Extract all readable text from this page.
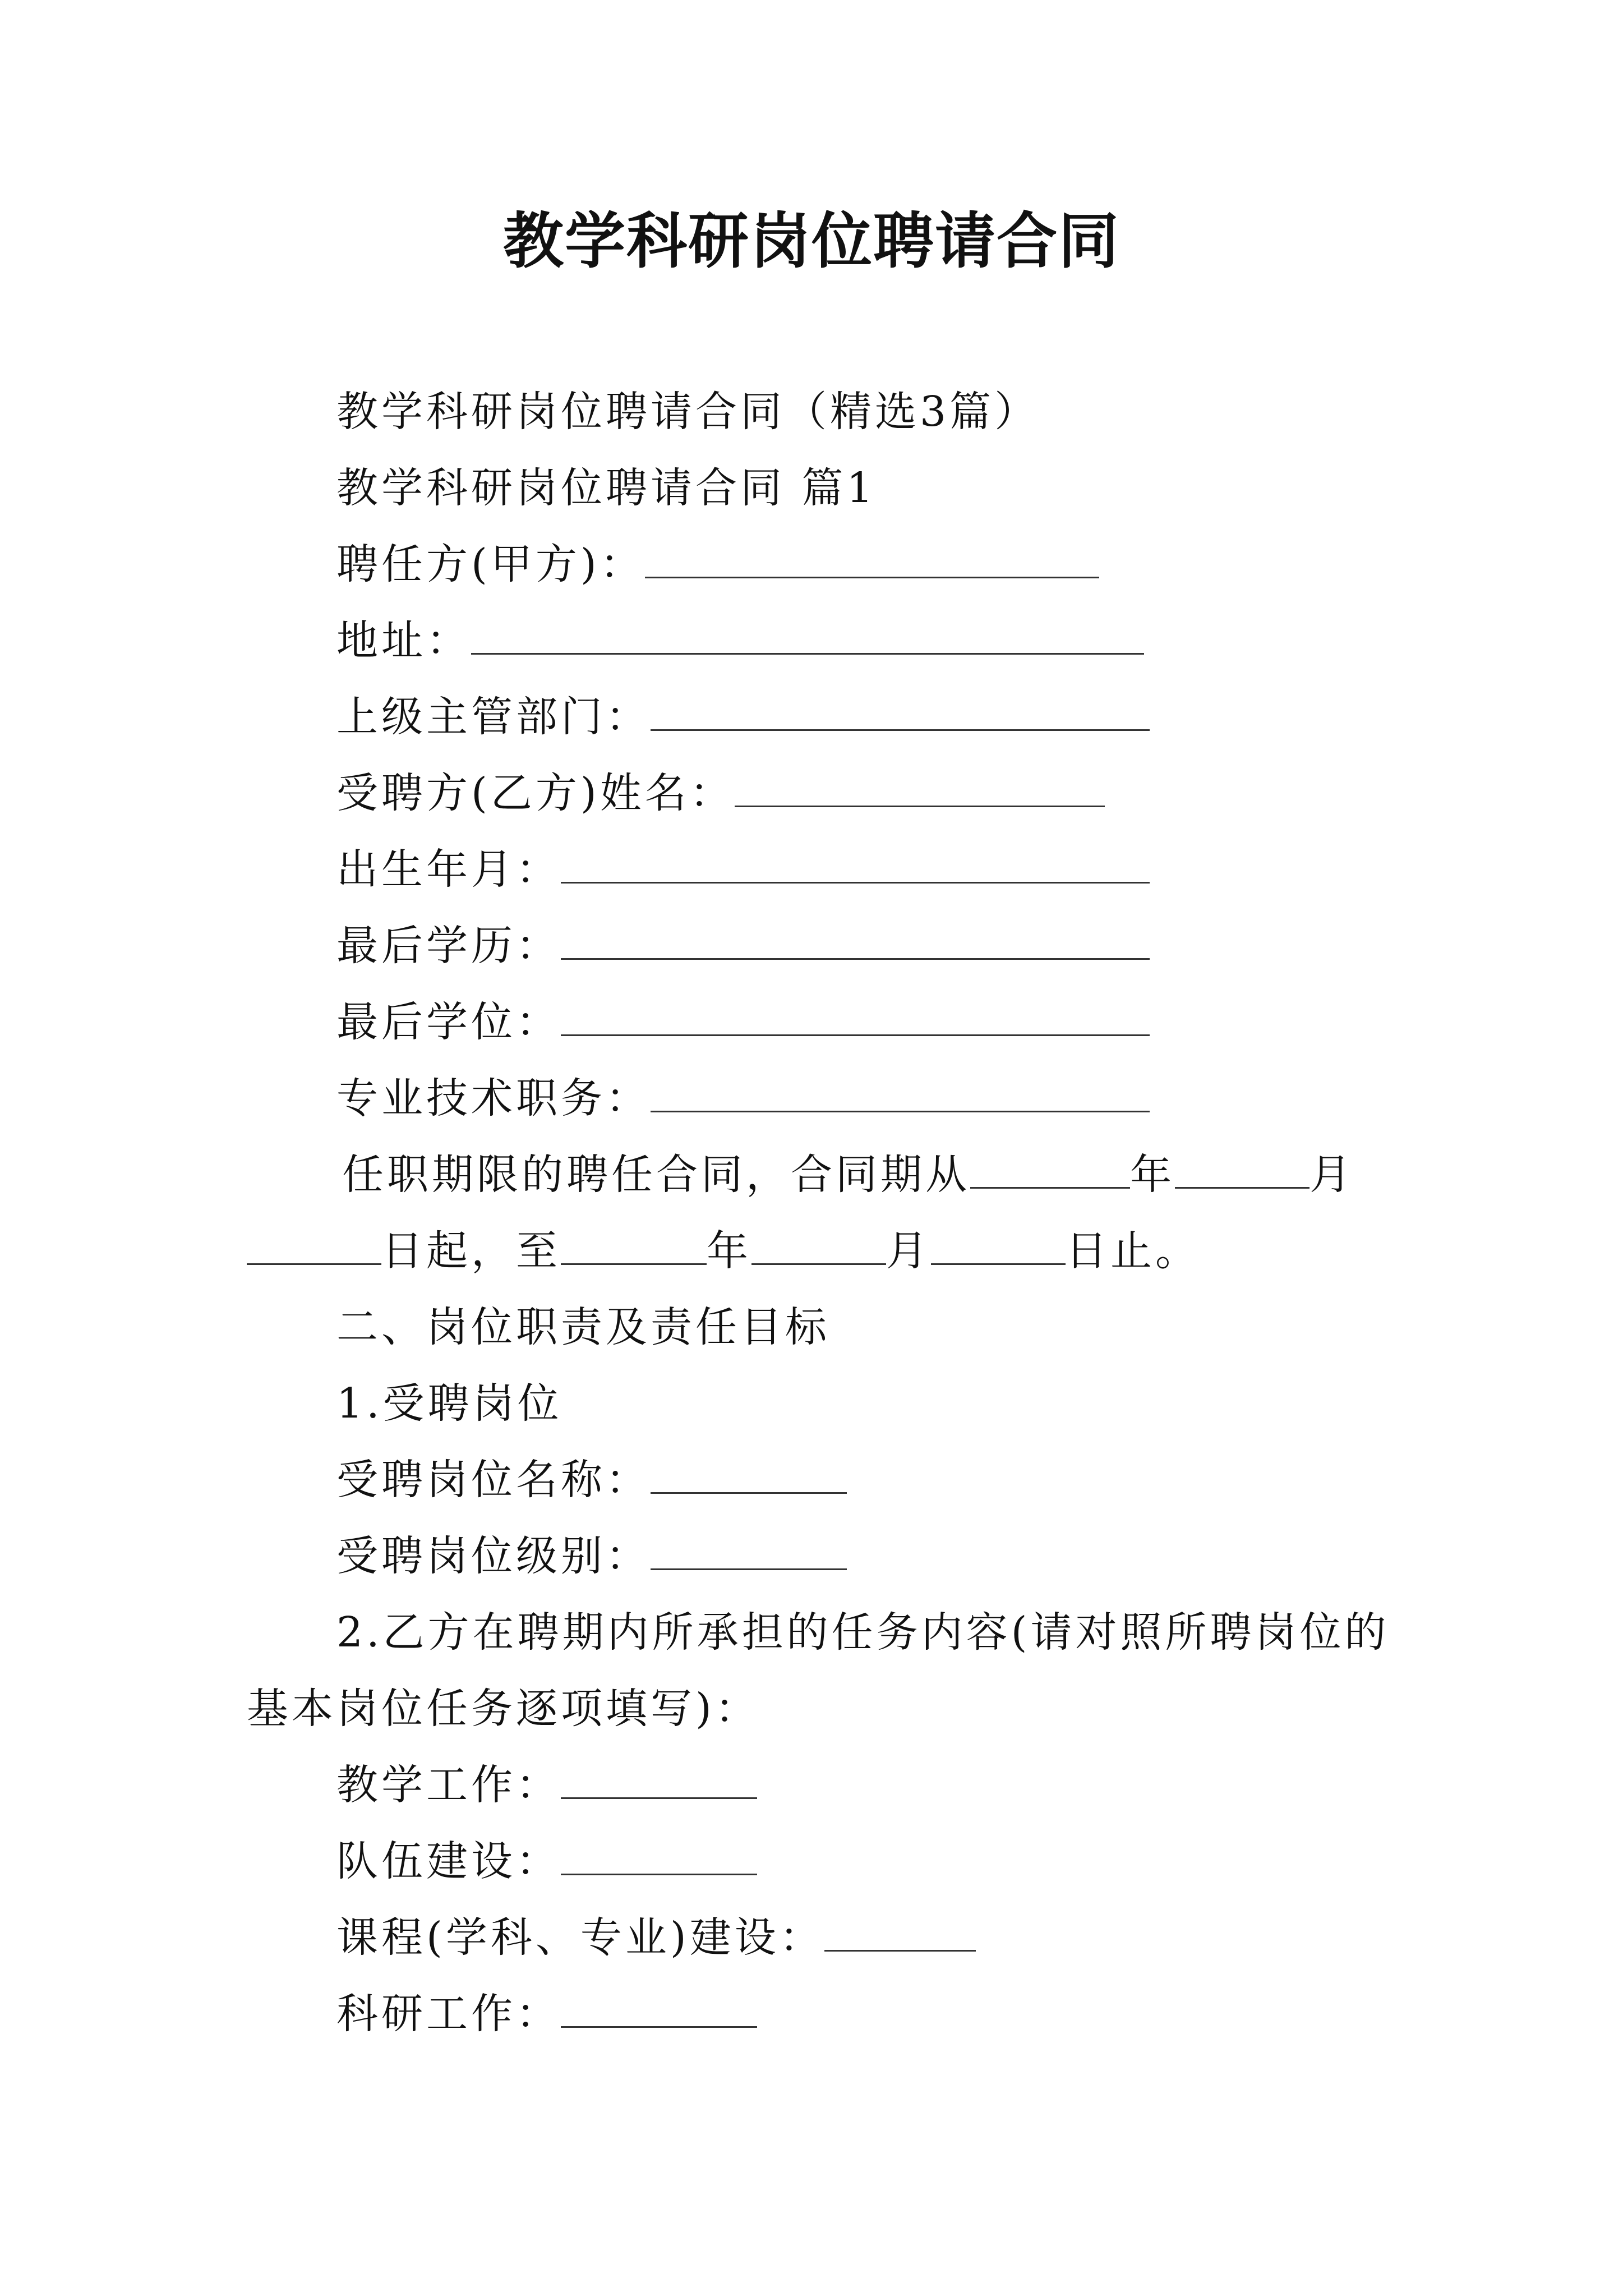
教学科研岗位聘请合同
教学科研岗位聘请合同（精选3篇）
教学科研岗位聘请合同 篇1
聘任方(甲方)：
地址：
上级主管部门：
受聘方(乙方)姓名：
出生年月：
最后学历：
最后学位：
专业技术职务：
任职期限的聘任合同，合同期从	年	月
日起，至	年	月	日止。
二、岗位职责及责任目标
1.受聘岗位
受聘岗位名称：
受聘岗位级别：
2.乙方在聘期内所承担的任务内容(请对照所聘岗位的
基本岗位任务逐项填写)：
教学工作：
队伍建设：
课程(学科、专业)建设：
科研工作：
